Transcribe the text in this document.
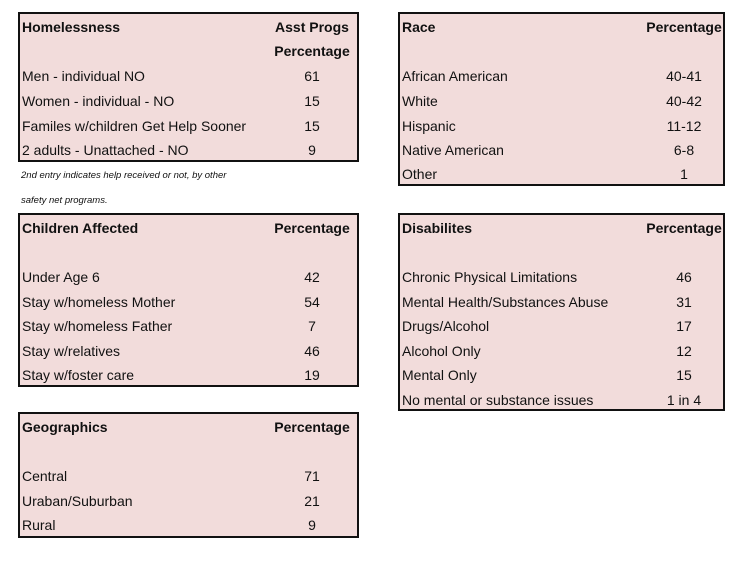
Homelessness	Asst Progs
Percentage
Men - individual NO	61
Women - individual - NO	15
Familes w/children Get Help Sooner	15
2 adults - Unattached - NO	9
2nd entry indicates help received or not, by other
safety net programs.
Race	Percentage
African American	40-41
White	40-42
Hispanic	11-12
Native American	6-8
Other	1
Children Affected	Percentage
Under Age 6	42
Stay w/homeless Mother	54
Stay w/homeless Father	7
Stay w/relatives	46
Stay w/foster care	19
Disabilites	Percentage
Chronic Physical Limitations	46
Mental Health/Substances Abuse	31
Drugs/Alcohol	17
Alcohol Only	12
Mental Only	15
No mental or substance issues	1 in 4
Geographics	Percentage
Central	71
Uraban/Suburban	21
Rural	9
